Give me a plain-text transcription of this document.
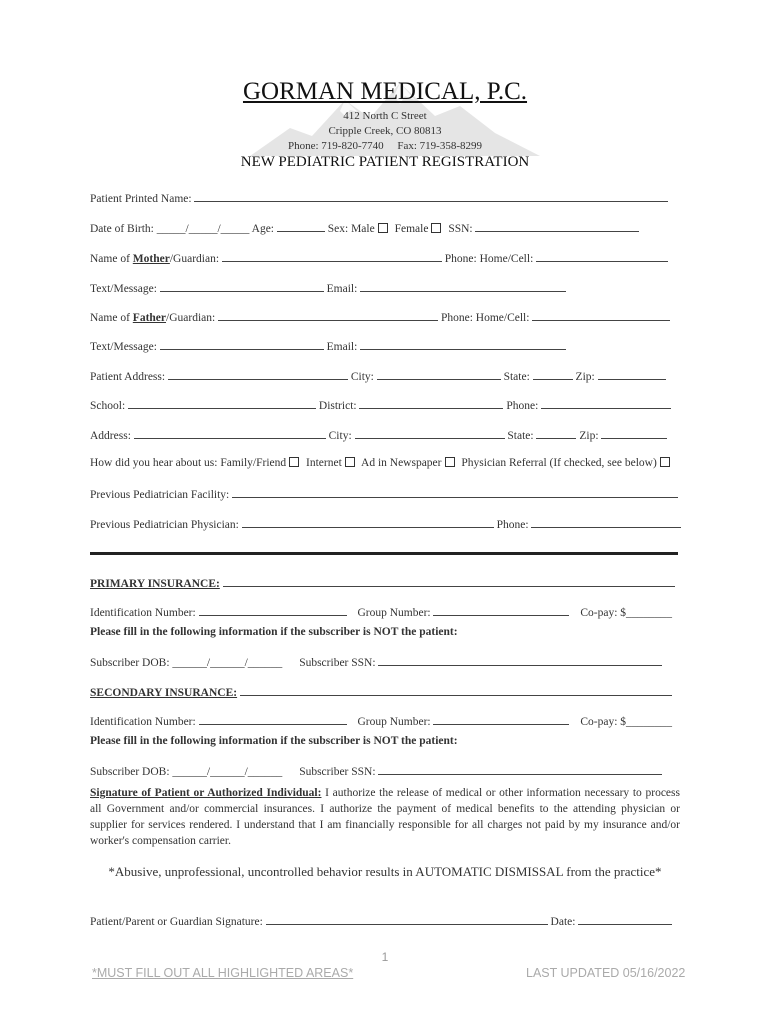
GORMAN MEDICAL, P.C.
412 North C Street
Cripple Creek, CO 80813
Phone: 719-820-7740     Fax: 719-358-8299
NEW PEDIATRIC PATIENT REGISTRATION
Patient Printed Name:
Date of Birth: _____/_____/_____ Age:	Sex: Male Female SSN:
Name of Mother/Guardian:	Phone: Home/Cell:
Text/Message:	Email:
Name of Father/Guardian:	Phone: Home/Cell:
Text/Message:	Email:
Patient Address:	City:	State:	Zip:
School:	District:	Phone:
Address:	City:	State:	Zip:
How did you hear about us: Family/Friend Internet Ad in Newspaper Physician Referral (If checked, see below)
Previous Pediatrician Facility:
Previous Pediatrician Physician:	Phone:
PRIMARY INSURANCE:
Identification Number:	Group Number:	Co-pay: $________
Please fill in the following information if the subscriber is NOT the patient:
Subscriber DOB: ______/______/______ Subscriber SSN:
SECONDARY INSURANCE:
Identification Number:	Group Number:	Co-pay: $________
Please fill in the following information if the subscriber is NOT the patient:
Subscriber DOB: ______/______/______ Subscriber SSN:
Signature of Patient or Authorized Individual: I authorize the release of medical or other information necessary to process all Government and/or commercial insurances. I authorize the payment of medical benefits to the attending physician or supplier for services rendered. I understand that I am financially responsible for all charges not paid by my insurance and/or worker's compensation carrier.
*Abusive, unprofessional, uncontrolled behavior results in AUTOMATIC DISMISSAL from the practice*
Patient/Parent or Guardian Signature:	Date:
1
*MUST FILL OUT ALL HIGHLIGHTED AREAS*	LAST UPDATED 05/16/2022
